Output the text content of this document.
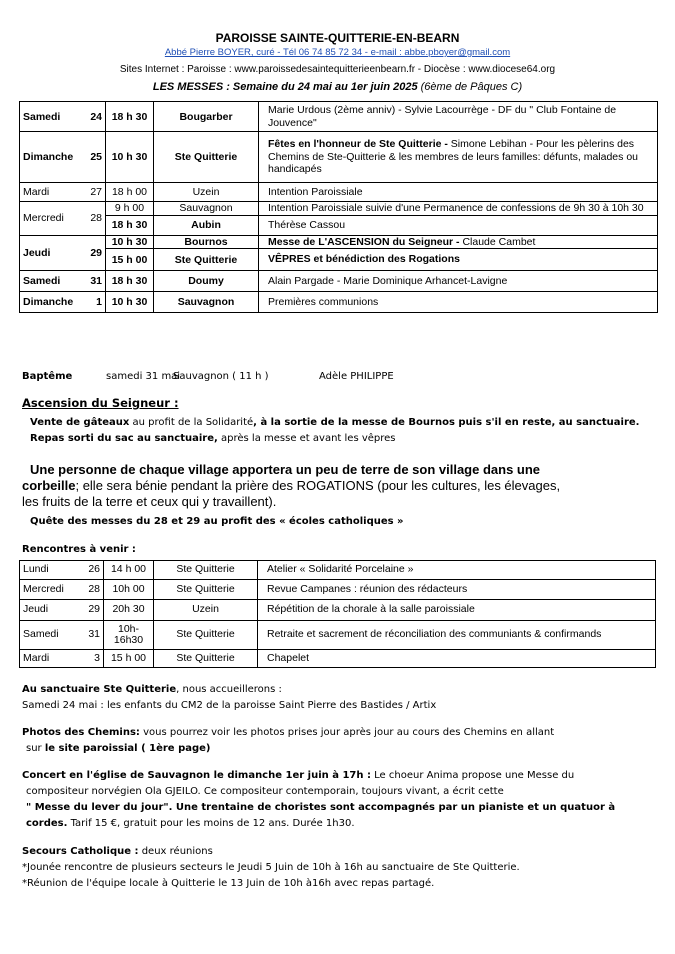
PAROISSE SAINTE-QUITTERIE-EN-BEARN
Abbé Pierre BOYER, curé - Tél 06 74 85 72 34 - e-mail : abbe.pboyer@gmail.com
Sites Internet : Paroisse : www.paroissedesaintequitterieenbearn.fr - Diocèse : www.diocese64.org
LES MESSES : Semaine du 24 mai au 1er juin 2025 (6ème de Pâques C)
Samedi	24	18 h 30	Bougarber	Marie Urdous (2ème anniv) - Sylvie Lacourrège - DF du " Club Fontaine de Jouvence"
Dimanche	25	10 h 30	Ste Quitterie	Fêtes en l'honneur de Ste Quitterie - Simone Lebihan - Pour les pèlerins des Chemins de Ste-Quitterie & les membres de leurs familles: défunts, malades ou handicapés
Mardi	27	18 h 00	Uzein	Intention Paroissiale
Mercredi	28	9 h 00	Sauvagnon	Intention Paroissiale suivie d'une Permanence de confessions de 9h 30 à 10h 30
		18 h 30	Aubin	Thérèse Cassou
Jeudi	29	10 h 30	Bournos	Messe de L'ASCENSION du Seigneur - Claude Cambet
		15 h 00	Ste Quitterie	VÊPRES et bénédiction des Rogations
Samedi	31	18 h 30	Doumy	Alain Pargade - Marie Dominique Arhancet-Lavigne
Dimanche	1	10 h 30	Sauvagnon	Premières communions
Baptême	samedi 31 mai
Sauvagnon ( 11 h )	Adèle PHILIPPE
Ascension du Seigneur :
Vente de gâteaux au profit de la Solidarité, à la sortie de la messe de Bournos puis s'il en reste, au sanctuaire.
Repas sorti du sac au sanctuaire, après la messe et avant les vêpres
Une personne de chaque village apportera un peu de terre de son village dans une
corbeille; elle sera bénie pendant la prière des ROGATIONS (pour les cultures, les élevages,
les fruits de la terre et ceux qui y travaillent).
Quête des messes du 28 et 29 au profit des « écoles catholiques »
Rencontres à venir :
Lundi	26	14 h 00	Ste Quitterie	Atelier « Solidarité Porcelaine »
Mercredi	28	10h 00	Ste Quitterie	Revue Campanes : réunion des rédacteurs
Jeudi	29	20h 30	Uzein	Répétition de la chorale à la salle paroissiale
Samedi	31	10h-16h30	Ste Quitterie	Retraite et sacrement de réconciliation des communiants & confirmands
Mardi	3	15 h 00	Ste Quitterie	Chapelet
Au sanctuaire Ste Quitterie, nous accueillerons :
Samedi 24 mai : les enfants du CM2 de la paroisse Saint Pierre des Bastides / Artix
Photos des Chemins: vous pourrez voir les photos prises jour après jour au cours des Chemins en allant
sur le site paroissial ( 1ère page)
Concert en l'église de Sauvagnon le dimanche 1er juin à 17h : Le choeur Anima propose une Messe du
compositeur norvégien Ola GJEILO. Ce compositeur contemporain, toujours vivant, a écrit cette
" Messe du lever du jour". Une trentaine de choristes sont accompagnés par un pianiste et un quatuor à
cordes. Tarif 15 €, gratuit pour les moins de 12 ans. Durée 1h30.
Secours Catholique : deux réunions
*Jounée rencontre de plusieurs secteurs le Jeudi 5 Juin de 10h à 16h au sanctuaire de Ste Quitterie.
*Réunion de l'équipe locale à Quitterie le 13 Juin de 10h à16h avec repas partagé.
